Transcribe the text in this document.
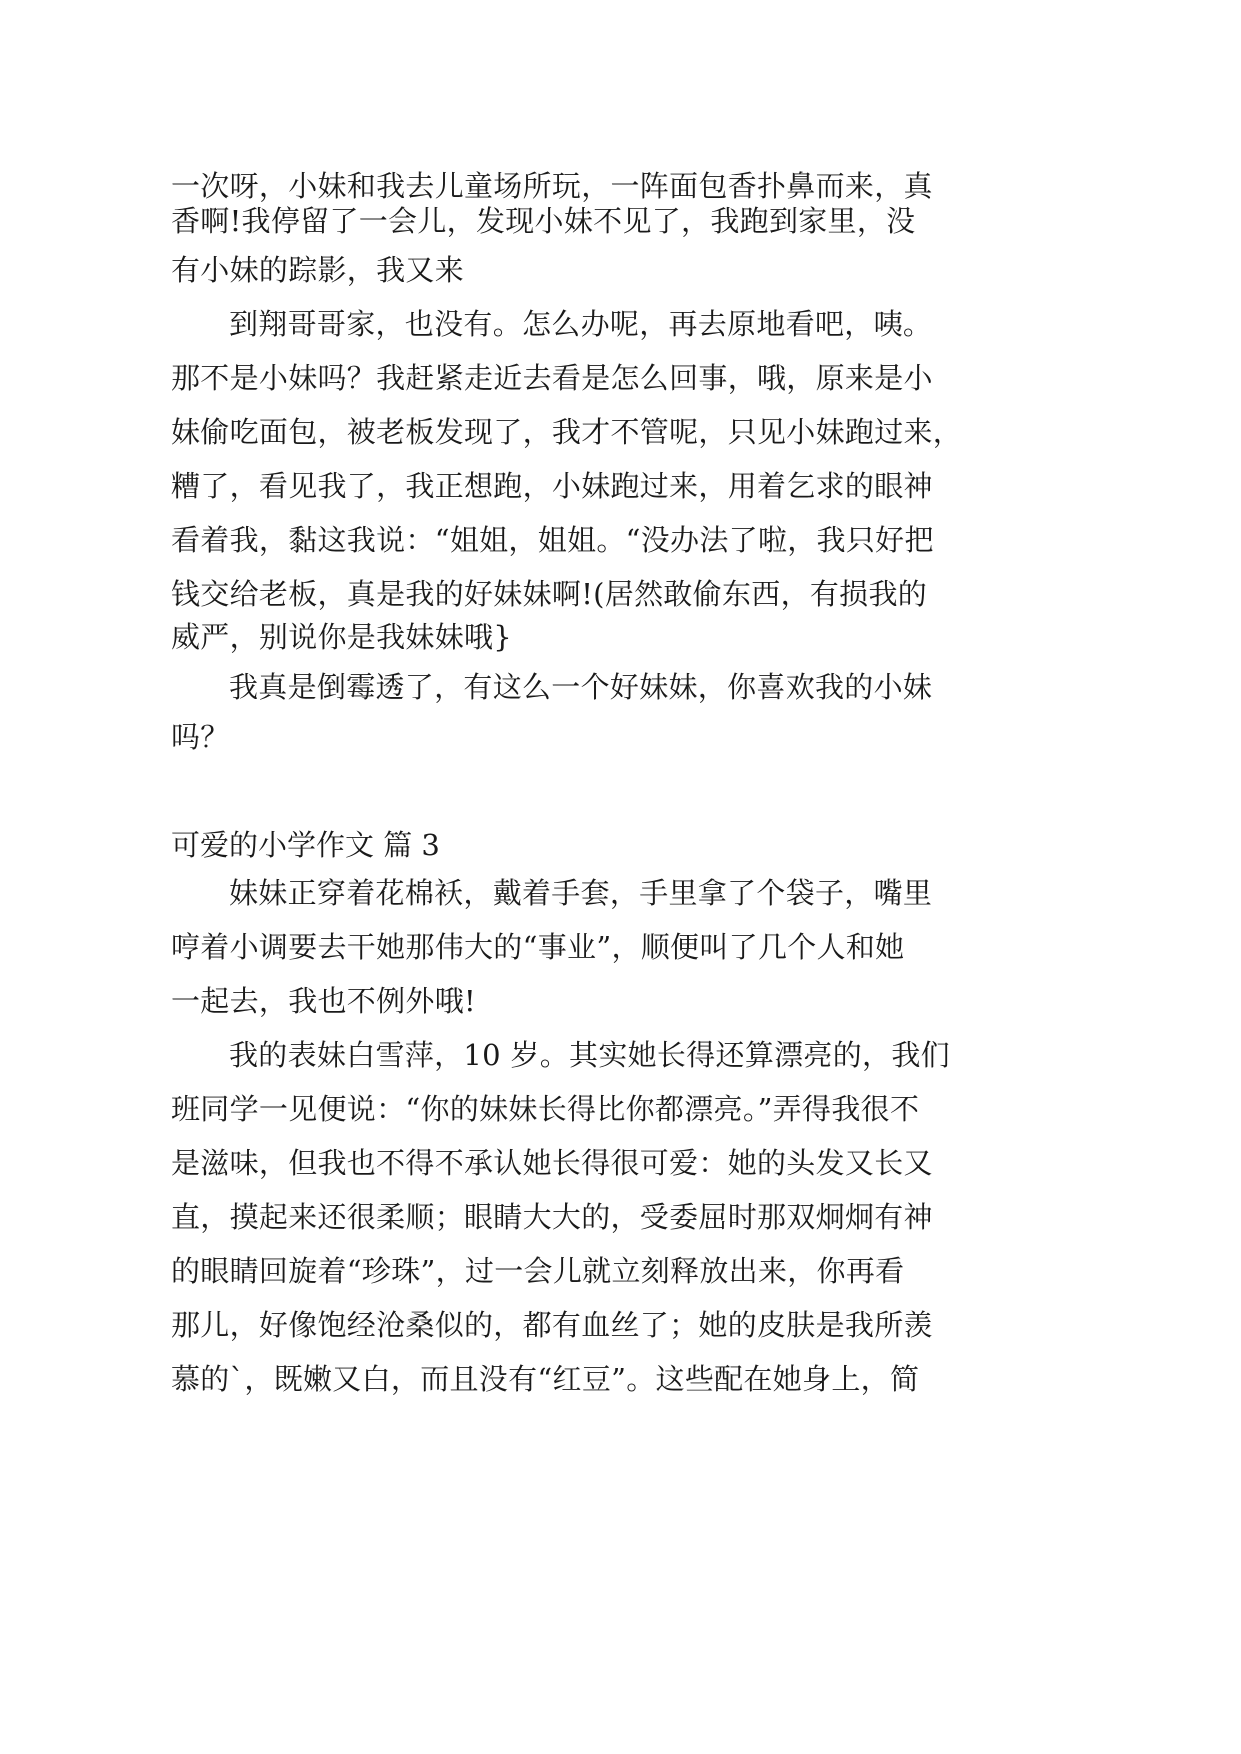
一次呀，小妹和我去儿童场所玩，一阵面包香扑鼻而来，真
香啊!我停留了一会儿，发现小妹不见了，我跑到家里，没
有小妹的踪影，我又来
到翔哥哥家，也没有。怎么办呢，再去原地看吧，咦。
那不是小妹吗？我赶紧走近去看是怎么回事，哦，原来是小
妹偷吃面包，被老板发现了，我才不管呢，只见小妹跑过来，
糟了，看见我了，我正想跑，小妹跑过来，用着乞求的眼神
看着我，黏这我说：“姐姐，姐姐。“没办法了啦，我只好把
钱交给老板，真是我的好妹妹啊!(居然敢偷东西，有损我的
威严，别说你是我妹妹哦}
我真是倒霉透了，有这么一个好妹妹，你喜欢我的小妹
吗？
可爱的小学作文 篇 3
妹妹正穿着花棉袄，戴着手套，手里拿了个袋子，嘴里
哼着小调要去干她那伟大的“事业”，顺便叫了几个人和她
一起去，我也不例外哦!
我的表妹白雪萍，10 岁。其实她长得还算漂亮的，我们
班同学一见便说：“你的妹妹长得比你都漂亮。”弄得我很不
是滋味，但我也不得不承认她长得很可爱：她的头发又长又
直，摸起来还很柔顺；眼睛大大的，受委屈时那双炯炯有神
的眼睛回旋着“珍珠”，过一会儿就立刻释放出来，你再看
那儿，好像饱经沧桑似的，都有血丝了；她的皮肤是我所羡
慕的`，既嫩又白，而且没有“红豆”。这些配在她身上，简
